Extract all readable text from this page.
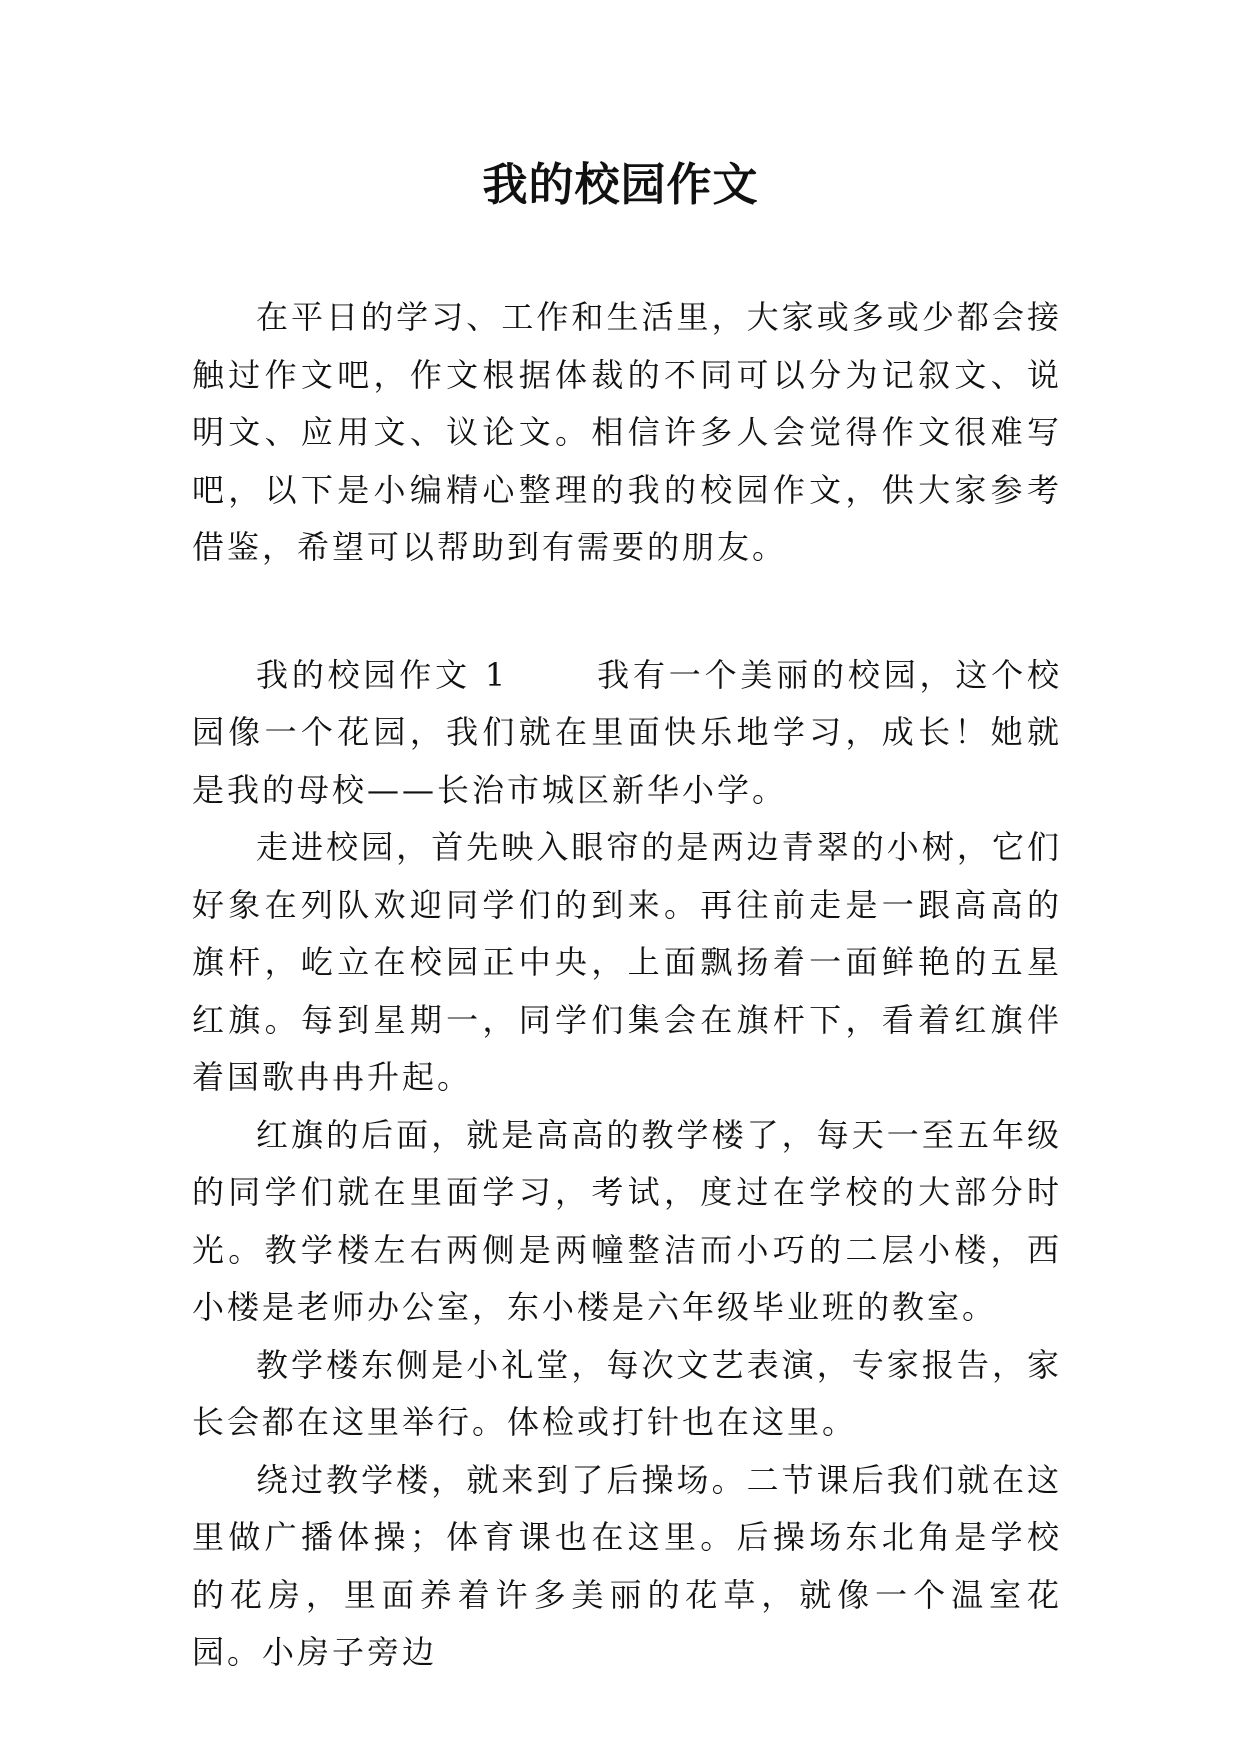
我的校园作文

在平日的学习、工作和生活里，大家或多或少都会接触过作文吧，作文根据体裁的不同可以分为记叙文、说明文、应用文、议论文。相信许多人会觉得作文很难写吧，以下是小编精心整理的我的校园作文，供大家参考借鉴，希望可以帮助到有需要的朋友。

我的校园作文 1	我有一个美丽的校园，这个校园像一个花园，我们就在里面快乐地学习，成长！她就是我的母校——长治市城区新华小学。

走进校园，首先映入眼帘的是两边青翠的小树，它们好象在列队欢迎同学们的到来。再往前走是一跟高高的旗杆，屹立在校园正中央，上面飘扬着一面鲜艳的五星红旗。每到星期一，同学们集会在旗杆下，看着红旗伴着国歌冉冉升起。

红旗的后面，就是高高的教学楼了，每天一至五年级的同学们就在里面学习，考试，度过在学校的大部分时光。教学楼左右两侧是两幢整洁而小巧的二层小楼，西小楼是老师办公室，东小楼是六年级毕业班的教室。

教学楼东侧是小礼堂，每次文艺表演，专家报告，家长会都在这里举行。体检或打针也在这里。

绕过教学楼，就来到了后操场。二节课后我们就在这里做广播体操；体育课也在这里。后操场东北角是学校的花房，里面养着许多美丽的花草，就像一个温室花园。小房子旁边
